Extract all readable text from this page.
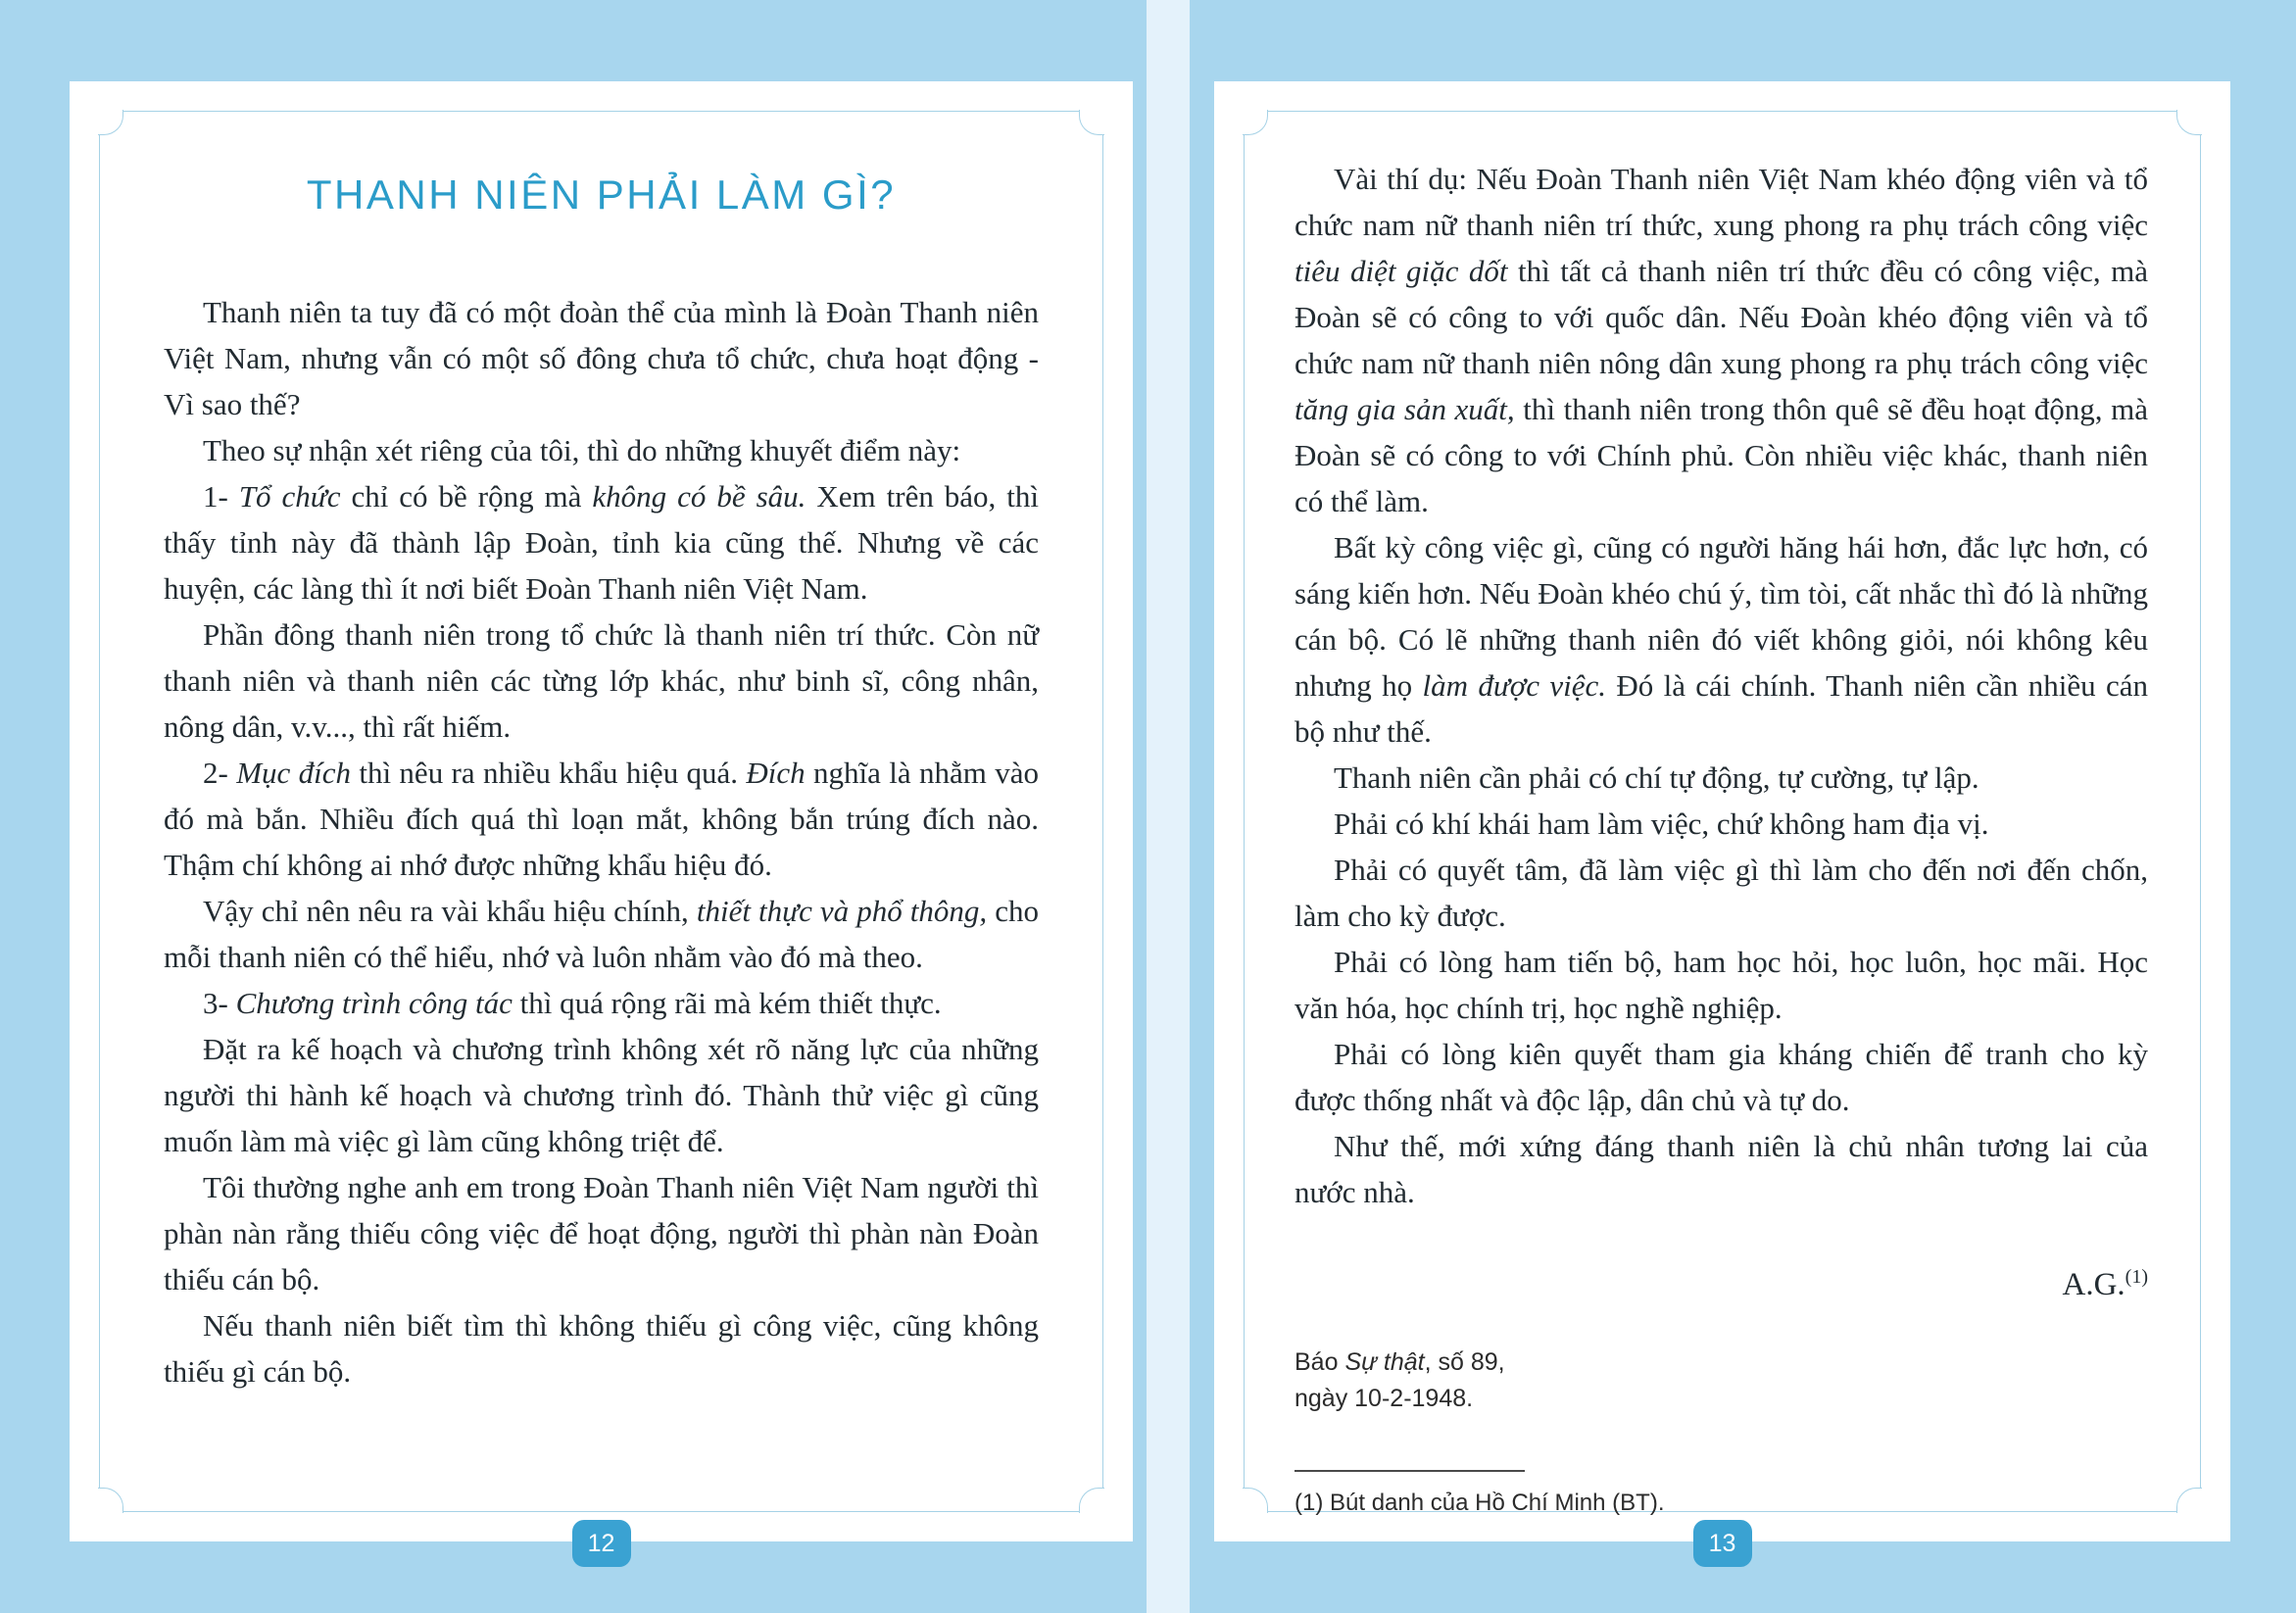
THANH NIÊN PHẢI LÀM GÌ?

Thanh niên ta tuy đã có một đoàn thể của mình là Đoàn Thanh niên Việt Nam, nhưng vẫn có một số đông chưa tổ chức, chưa hoạt động - Vì sao thế?

Theo sự nhận xét riêng của tôi, thì do những khuyết điểm này:

1- Tổ chức chỉ có bề rộng mà không có bề sâu. Xem trên báo, thì thấy tỉnh này đã thành lập Đoàn, tỉnh kia cũng thế. Nhưng về các huyện, các làng thì ít nơi biết Đoàn Thanh niên Việt Nam.

Phần đông thanh niên trong tổ chức là thanh niên trí thức. Còn nữ thanh niên và thanh niên các từng lớp khác, như binh sĩ, công nhân, nông dân, v.v..., thì rất hiếm.

2- Mục đích thì nêu ra nhiều khẩu hiệu quá. Đích nghĩa là nhằm vào đó mà bắn. Nhiều đích quá thì loạn mắt, không bắn trúng đích nào. Thậm chí không ai nhớ được những khẩu hiệu đó.

Vậy chỉ nên nêu ra vài khẩu hiệu chính, thiết thực và phổ thông, cho mỗi thanh niên có thể hiểu, nhớ và luôn nhằm vào đó mà theo.

3- Chương trình công tác thì quá rộng rãi mà kém thiết thực.

Đặt ra kế hoạch và chương trình không xét rõ năng lực của những người thi hành kế hoạch và chương trình đó. Thành thử việc gì cũng muốn làm mà việc gì làm cũng không triệt để.

Tôi thường nghe anh em trong Đoàn Thanh niên Việt Nam người thì phàn nàn rằng thiếu công việc để hoạt động, người thì phàn nàn Đoàn thiếu cán bộ.

Nếu thanh niên biết tìm thì không thiếu gì công việc, cũng không thiếu gì cán bộ.

12

Vài thí dụ: Nếu Đoàn Thanh niên Việt Nam khéo động viên và tổ chức nam nữ thanh niên trí thức, xung phong ra phụ trách công việc tiêu diệt giặc dốt thì tất cả thanh niên trí thức đều có công việc, mà Đoàn sẽ có công to với quốc dân. Nếu Đoàn khéo động viên và tổ chức nam nữ thanh niên nông dân xung phong ra phụ trách công việc tăng gia sản xuất, thì thanh niên trong thôn quê sẽ đều hoạt động, mà Đoàn sẽ có công to với Chính phủ. Còn nhiều việc khác, thanh niên có thể làm.

Bất kỳ công việc gì, cũng có người hăng hái hơn, đắc lực hơn, có sáng kiến hơn. Nếu Đoàn khéo chú ý, tìm tòi, cất nhắc thì đó là những cán bộ. Có lẽ những thanh niên đó viết không giỏi, nói không kêu nhưng họ làm được việc. Đó là cái chính. Thanh niên cần nhiều cán bộ như thế.

Thanh niên cần phải có chí tự động, tự cường, tự lập.

Phải có khí khái ham làm việc, chứ không ham địa vị.

Phải có quyết tâm, đã làm việc gì thì làm cho đến nơi đến chốn, làm cho kỳ được.

Phải có lòng ham tiến bộ, ham học hỏi, học luôn, học mãi. Học văn hóa, học chính trị, học nghề nghiệp.

Phải có lòng kiên quyết tham gia kháng chiến để tranh cho kỳ được thống nhất và độc lập, dân chủ và tự do.

Như thế, mới xứng đáng thanh niên là chủ nhân tương lai của nước nhà.

A.G.$^{(1)}$
Báo Sự thật, số 89,
ngày 10-2-1948.
(1) Bút danh của Hồ Chí Minh (BT).
13
